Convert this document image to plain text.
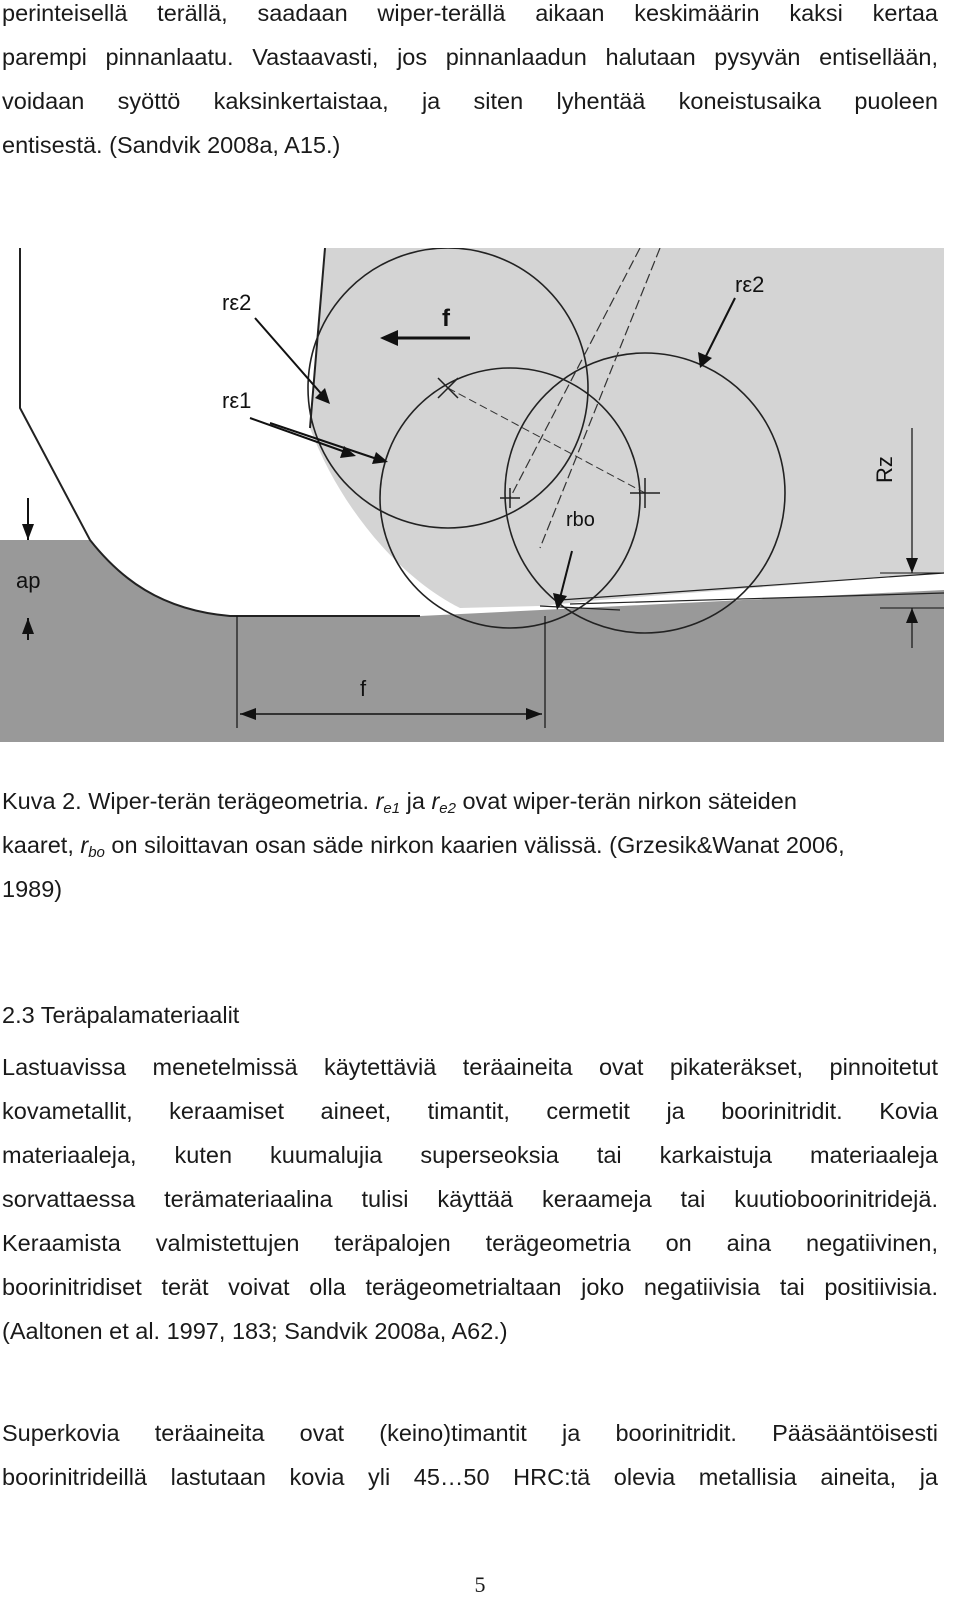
perinteisellä terällä, saadaan wiper-terällä aikaan keskimäärin kaksi kertaa
parempi pinnanlaatu. Vastaavasti, jos pinnanlaadun halutaan pysyvän entisellään,
voidaan syöttö kaksinkertaistaa, ja siten lyhentää koneistusaika puoleen
entisestä. (Sandvik 2008a, A15.)
rε2
rε1
f
rε2
Rz
rbo
ap
f
Kuva 2. Wiper-terän terägeometria. $r_{e1}$ ja $r_{e2}$ ovat wiper-terän nirkon säteiden
kaaret, $r_{bo}$ on siloittavan osan säde nirkon kaarien välissä. (Grzesik&Wanat 2006,
1989)
2.3 Teräpalamateriaalit
Lastuavissa menetelmissä käytettäviä teräaineita ovat pikateräkset, pinnoitetut
kovametallit, keraamiset aineet, timantit, cermetit ja boorinitridit. Kovia
materiaaleja, kuten kuumalujia superseoksia tai karkaistuja materiaaleja
sorvattaessa terämateriaalina tulisi käyttää keraameja tai kuutioboorinitridejä.
Keraamista valmistettujen teräpalojen terägeometria on aina negatiivinen,
boorinitridiset terät voivat olla terägeometrialtaan joko negatiivisia tai positiivisia.
(Aaltonen et al. 1997, 183; Sandvik 2008a, A62.)
Superkovia teräaineita ovat (keino)timantit ja boorinitridit. Pääsääntöisesti
boorinitrideillä lastutaan kovia yli 45…50 HRC:tä olevia metallisia aineita, ja
5
